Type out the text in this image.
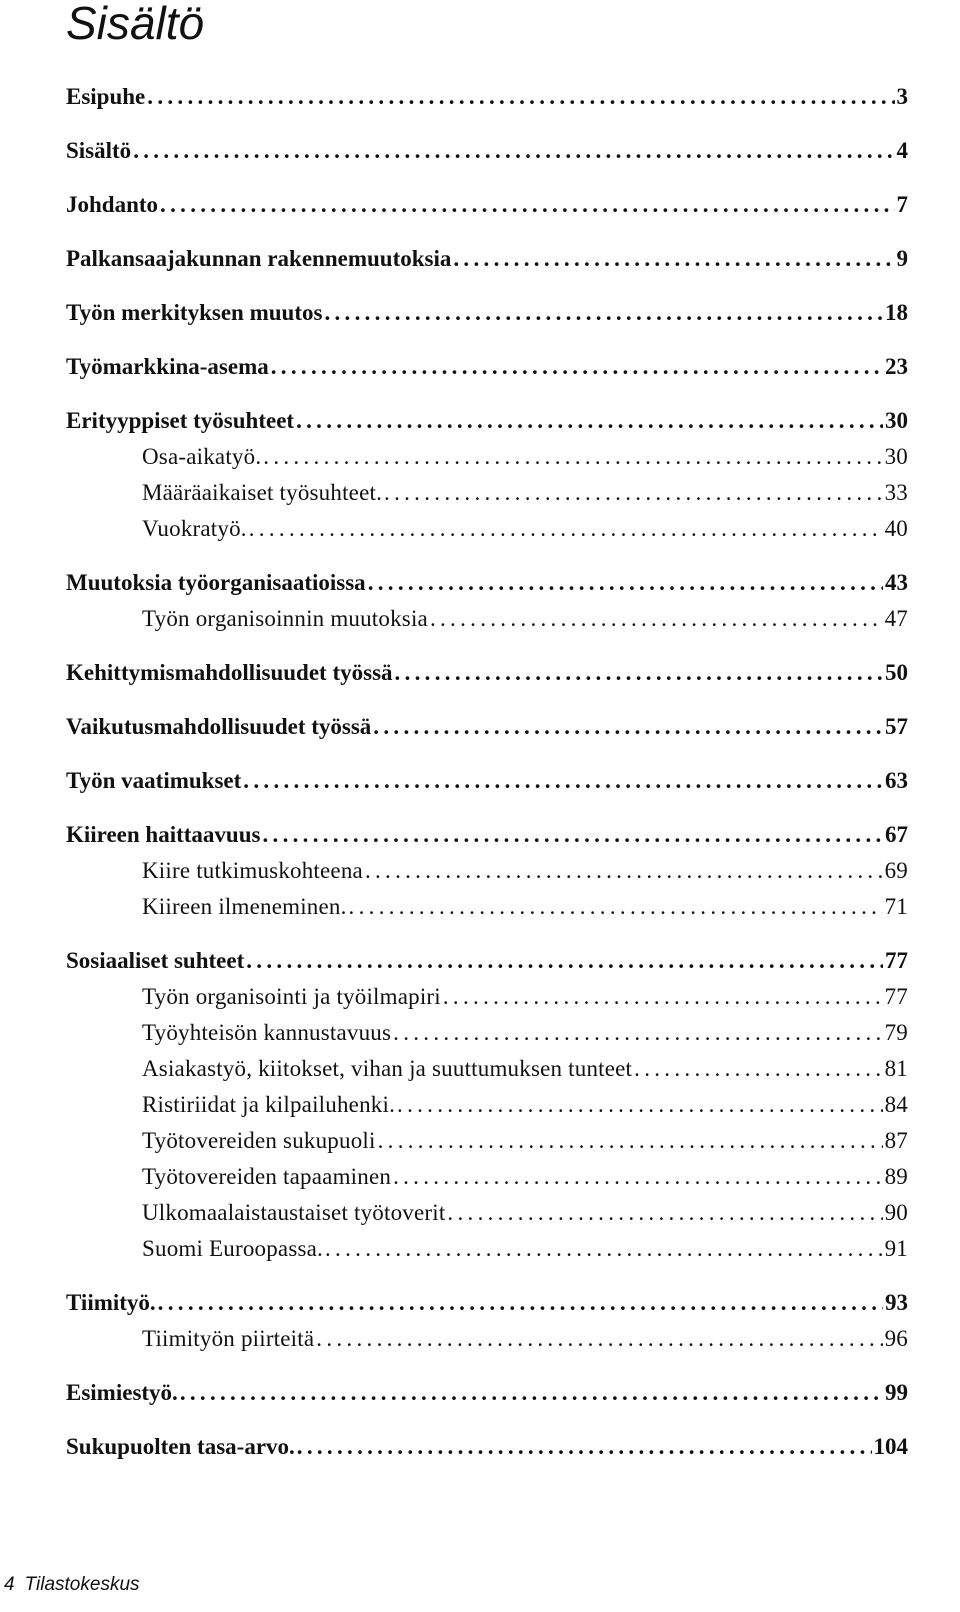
Sisältö
Esipuhe .....	3
Sisältö .....	4
Johdanto .....	7
Palkansaajakunnan rakennemuutoksia .....	9
Työn merkityksen muutos .....	18
Työmarkkina-asema .....	23
Erityyppiset työsuhteet .....	30
Osa-aikatyö. .....	30
Määräaikaiset työsuhteet. .....	33
Vuokratyö. .....	40
Muutoksia työorganisaatioissa .....	43
Työn organisoinnin muutoksia .....	47
Kehittymismahdollisuudet työssä .....	50
Vaikutusmahdollisuudet työssä .....	57
Työn vaatimukset .....	63
Kiireen haittaavuus .....	67
Kiire tutkimuskohteena .....	69
Kiireen ilmeneminen. .....	71
Sosiaaliset suhteet .....	77
Työn organisointi ja työilmapiri .....	77
Työyhteisön kannustavuus .....	79
Asiakastyö, kiitokset, vihan ja suuttumuksen tunteet .....	81
Ristiriidat ja kilpailuhenki. .....	84
Työtovereiden sukupuoli .....	87
Työtovereiden tapaaminen .....	89
Ulkomaalaistaustaiset työtoverit .....	90
Suomi Euroopassa. .....	91
Tiimityö. .....	93
Tiimityön piirteitä .....	96
Esimiestyö. .....	99
Sukupuolten tasa-arvo. .....	104
4 Tilastokeskus
